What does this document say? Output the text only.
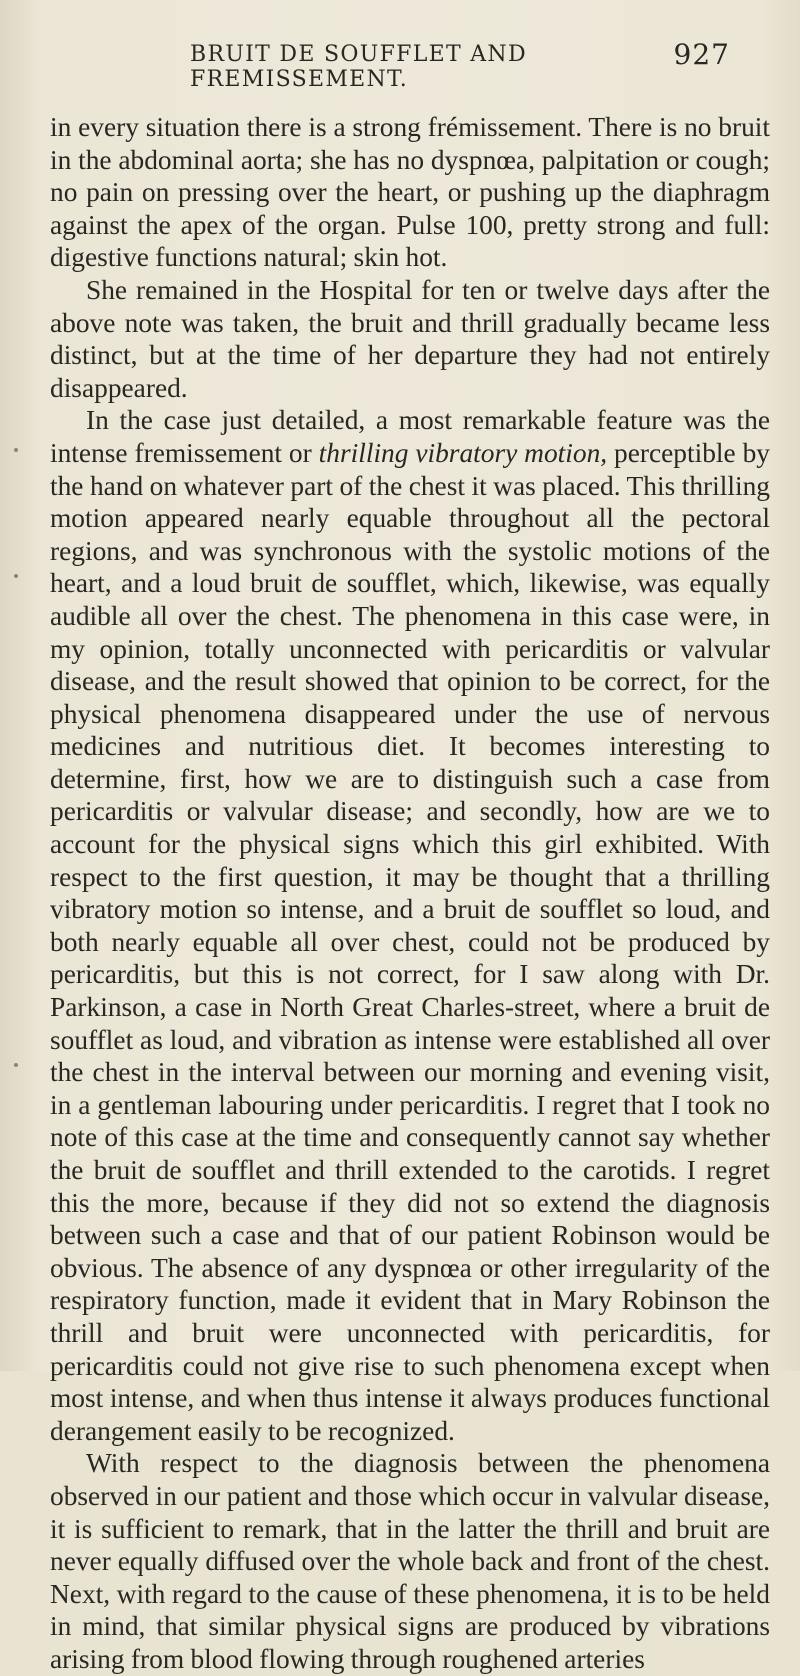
BRUIT DE SOUFFLET AND FREMISSEMENT.
927

in every situation there is a strong frémissement. There is no bruit in the abdominal aorta; she has no dyspnœa, palpitation or cough; no pain on pressing over the heart, or pushing up the diaphragm against the apex of the organ. Pulse 100, pretty strong and full: digestive functions natural; skin hot.

She remained in the Hospital for ten or twelve days after the above note was taken, the bruit and thrill gradually became less distinct, but at the time of her departure they had not entirely disappeared.

In the case just detailed, a most remarkable feature was the intense fremissement or thrilling vibratory motion, perceptible by the hand on whatever part of the chest it was placed. This thrilling motion appeared nearly equable throughout all the pectoral regions, and was synchronous with the systolic motions of the heart, and a loud bruit de soufflet, which, likewise, was equally audible all over the chest. The phenomena in this case were, in my opinion, totally unconnected with pericarditis or valvular disease, and the result showed that opinion to be correct, for the physical phenomena disappeared under the use of nervous medicines and nutritious diet. It becomes interesting to determine, first, how we are to distinguish such a case from pericarditis or valvular disease; and secondly, how are we to account for the physical signs which this girl exhibited. With respect to the first question, it may be thought that a thrilling vibratory motion so intense, and a bruit de soufflet so loud, and both nearly equable all over chest, could not be produced by pericarditis, but this is not correct, for I saw along with Dr. Parkinson, a case in North Great Charles-street, where a bruit de soufflet as loud, and vibration as intense were established all over the chest in the interval between our morning and evening visit, in a gentleman labouring under pericarditis. I regret that I took no note of this case at the time and consequently cannot say whether the bruit de soufflet and thrill extended to the carotids. I regret this the more, because if they did not so extend the diagnosis between such a case and that of our patient Robinson would be obvious. The absence of any dyspnœa or other irregularity of the respiratory function, made it evident that in Mary Robinson the thrill and bruit were unconnected with pericarditis, for pericarditis could not give rise to such phenomena except when most intense, and when thus intense it always produces functional derangement easily to be recognized.

With respect to the diagnosis between the phenomena observed in our patient and those which occur in valvular disease, it is sufficient to remark, that in the latter the thrill and bruit are never equally diffused over the whole back and front of the chest. Next, with regard to the cause of these phenomena, it is to be held in mind, that similar physical signs are produced by vibrations arising from blood flowing through roughened arteries
